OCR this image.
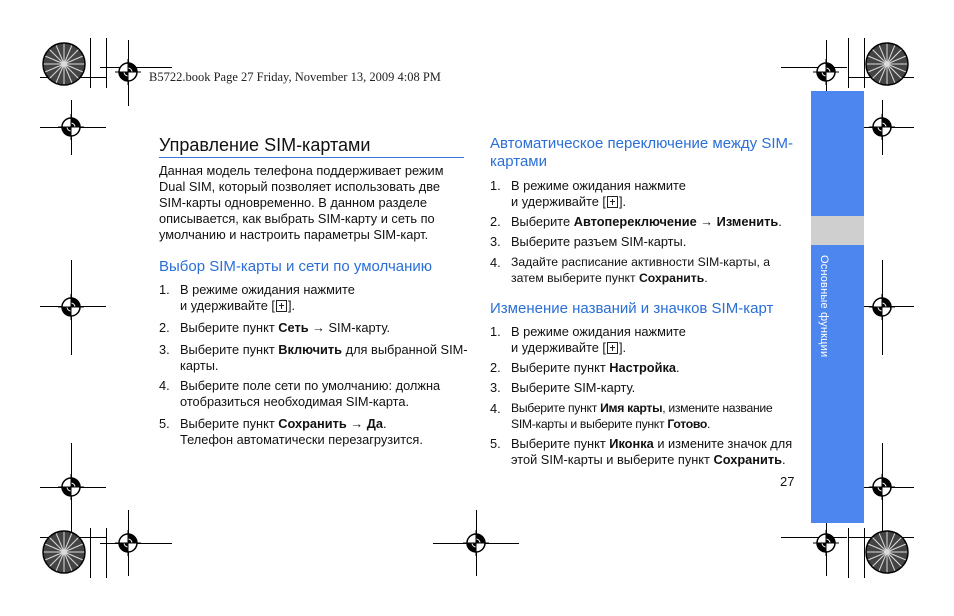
B5722.book Page 27 Friday, November 13, 2009 4:08 PM
Основные функции
Управление SIM-картами
Данная модель телефона поддерживает режим Dual SIM, который позволяет использовать две SIM-карты одновременно. В данном разделе описывается, как выбрать SIM-карту и сеть по умолчанию и настроить параметры SIM-карт.
Выбор SIM-карты и сети по умолчанию
1. В режиме ожидания нажмите
и удерживайте [ ].
2. Выберите пункт Сеть → SIM-карту.
3. Выберите пункт Включить для выбранной SIM-карты.
4. Выберите поле сети по умолчанию: должна отобразиться необходимая SIM-карта.
5. Выберите пункт Сохранить → Да.
Телефон автоматически перезагрузится.
Автоматическое переключение между SIM-картами
1. В режиме ожидания нажмите
и удерживайте [ ].
2. Выберите Автопереключение → Изменить.
3. Выберите разъем SIM-карты.
4. Задайте расписание активности SIM-карты, а затем выберите пункт Сохранить.
Изменение названий и значков SIM-карт
1. В режиме ожидания нажмите
и удерживайте [ ].
2. Выберите пункт Настройка.
3. Выберите SIM-карту.
4. Выберите пункт Имя карты, измените название SIM-карты и выберите пункт Готово.
5. Выберите пункт Иконка и измените значок для этой SIM-карты и выберите пункт Сохранить.
27
